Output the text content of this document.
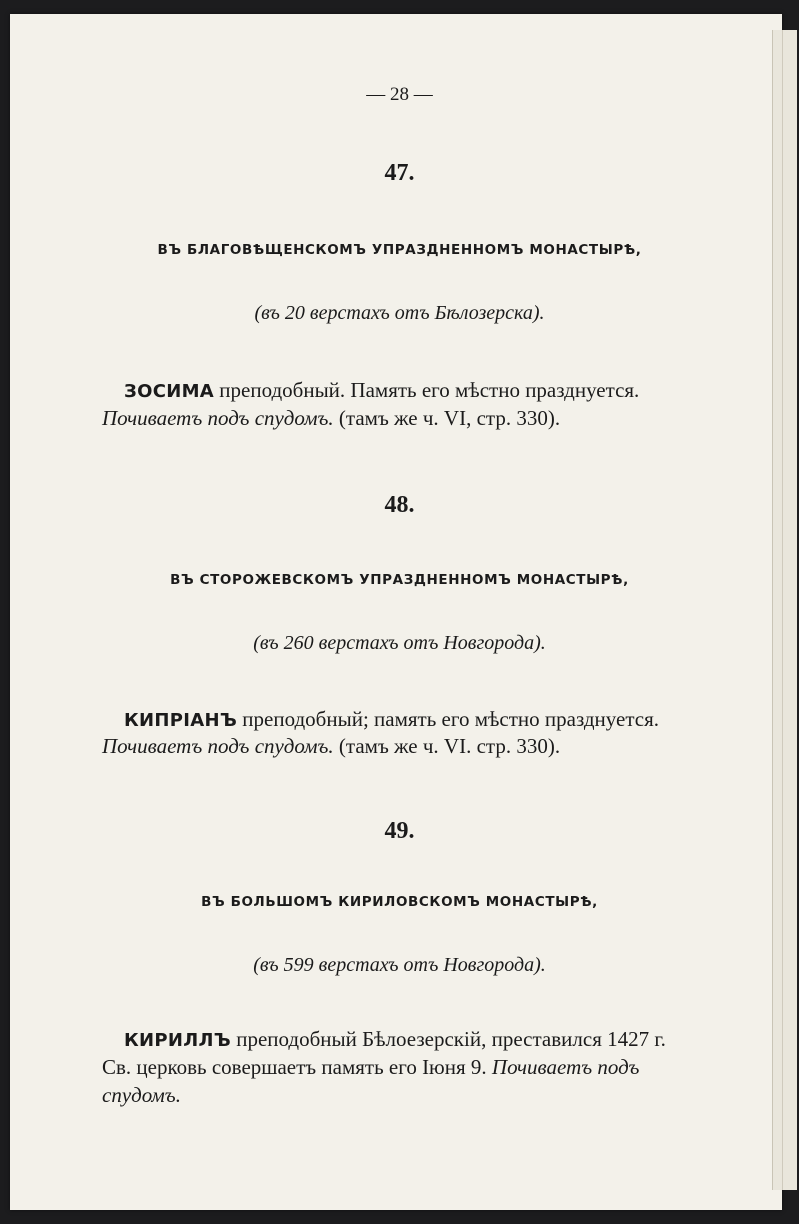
— 28 —
47.
ВЪ БЛАГОВѢЩЕНСКОМЪ УПРАЗДНЕННОМЪ МОНАСТЫРѢ,
(въ 20 верстахъ отъ Бѣлозерска).
ЗОСИМА преподобный. Память его мѣстно празднуется.
Почиваетъ подъ спудомъ. (тамъ же ч. VI, стр. 330).
48.
ВЪ СТОРОЖЕВСКОМЪ УПРАЗДНЕННОМЪ МОНАСТЫРѢ,
(въ 260 верстахъ отъ Новгорода).
КИПРІАНЪ преподобный; память его мѣстно празднуется.
Почиваетъ подъ спудомъ. (тамъ же ч. VI. стр. 330).
49.
ВЪ БОЛЬШОМЪ КИРИЛОВСКОМЪ МОНАСТЫРѢ,
(въ 599 верстахъ отъ Новгорода).
КИРИЛЛЪ преподобный Бѣлоезерскій, преставился 1427 г.
Св. церковь совершаетъ память его Іюня 9. Почиваетъ подъ
спудомъ.
